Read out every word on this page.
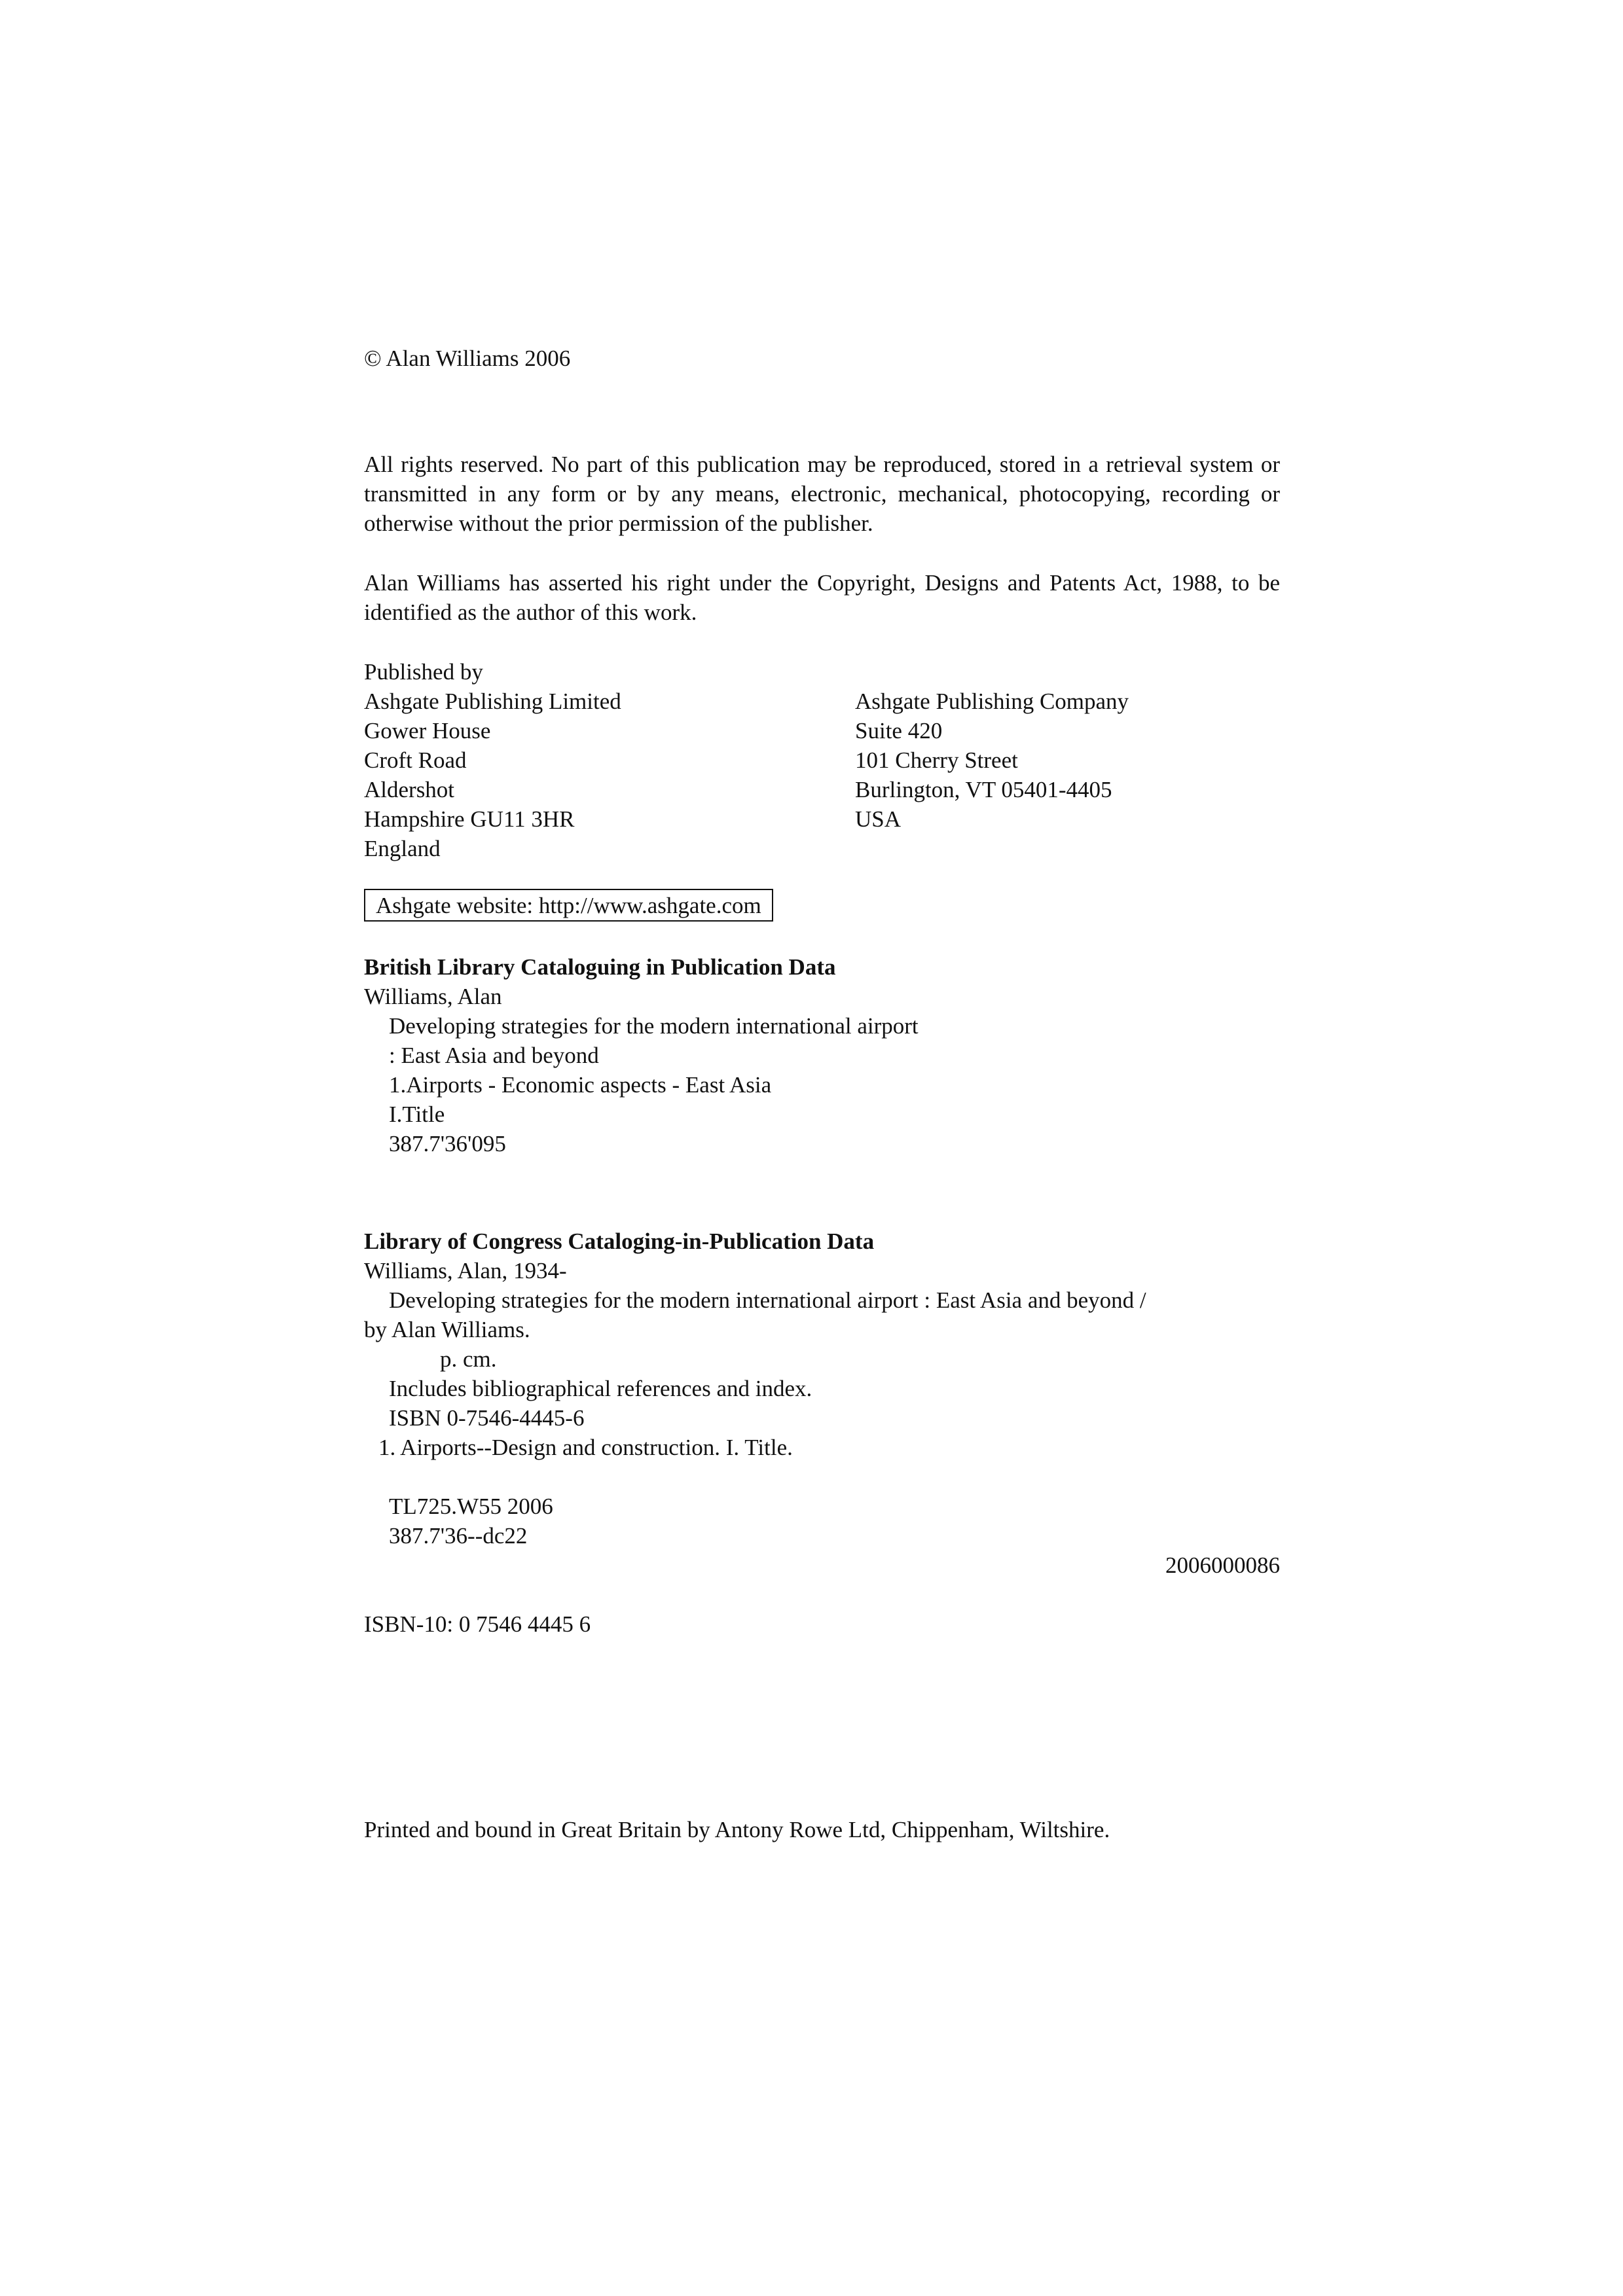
© Alan Williams 2006
All rights reserved. No part of this publication may be reproduced, stored in a retrieval system or transmitted in any form or by any means, electronic, mechanical, photocopying, recording or otherwise without the prior permission of the publisher.
Alan Williams has asserted his right under the Copyright, Designs and Patents Act, 1988, to be identified as the author of this work.
Published by
Ashgate Publishing Limited
Gower House
Croft Road
Aldershot
Hampshire GU11 3HR
England
Ashgate Publishing Company
Suite 420
101 Cherry Street
Burlington, VT 05401-4405
USA
Ashgate website: http://www.ashgate.com
British Library Cataloguing in Publication Data
Williams, Alan
Developing strategies for the modern international airport
: East Asia and beyond
1.Airports - Economic aspects - East Asia
I.Title
387.7'36'095
Library of Congress Cataloging-in-Publication Data
Williams, Alan, 1934-
Developing strategies for the modern international airport : East Asia and beyond /
by Alan Williams.
p. cm.
Includes bibliographical references and index.
ISBN 0-7546-4445-6
1. Airports--Design and construction. I. Title.
TL725.W55 2006
387.7'36--dc22
2006000086
ISBN-10: 0 7546 4445 6
Printed and bound in Great Britain by Antony Rowe Ltd, Chippenham, Wiltshire.
